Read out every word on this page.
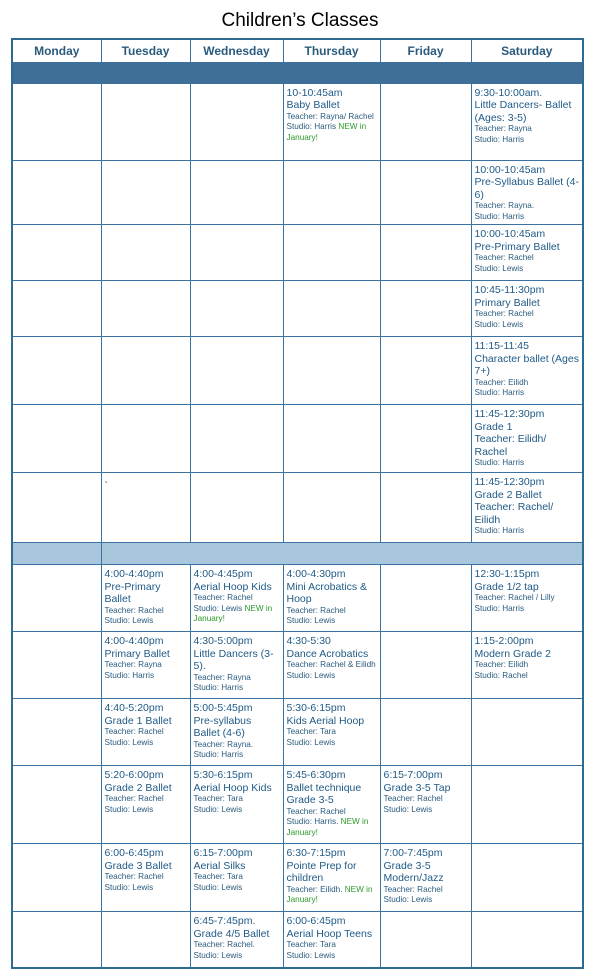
Children’s Classes
Monday	Tuesday	Wednesday	Thursday	Friday	Saturday

			10-10:45am
Baby Ballet
Teacher: Rayna/ Rachel
Studio: Harris NEW in January!		9:30-10:00am.
Little Dancers- Ballet (Ages: 3-5)
Teacher: Rayna
Studio: Harris

					10:00-10:45am
Pre-Syllabus Ballet (4-6)
Teacher: Rayna.
Studio: Harris

					10:00-10:45am
Pre-Primary Ballet
Teacher: Rachel
Studio: Lewis

					10:45-11:30pm
Primary Ballet
Teacher: Rachel
Studio: Lewis

					11:15-11:45
Character ballet (Ages 7+)
Teacher: Eilidh
Studio: Harris

					11:45-12:30pm
Grade 1
Teacher: Eilidh/ Rachel
Studio: Harris

	`				11:45-12:30pm
Grade 2 Ballet
Teacher: Rachel/ Eilidh
Studio: Harris

	4:00-4:40pm
Pre-Primary Ballet
Teacher: Rachel
Studio: Lewis	4:00-4:45pm
Aerial Hoop Kids
Teacher: Rachel
Studio: Lewis NEW in January!	4:00-4:30pm
Mini Acrobatics & Hoop
Teacher: Rachel
Studio: Lewis		12:30-1:15pm
Grade 1/2 tap
Teacher: Rachel / Lilly
Studio: Harris

	4:00-4:40pm
Primary Ballet
Teacher: Rayna
Studio: Harris	4:30-5:00pm
Little Dancers (3-5).
Teacher: Rayna
Studio: Harris	4:30-5:30
Dance Acrobatics
Teacher: Rachel & Eilidh
Studio: Lewis		1:15-2:00pm
Modern Grade 2
Teacher: Eilidh
Studio: Rachel

	4:40-5:20pm
Grade 1 Ballet
Teacher: Rachel
Studio: Lewis	5:00-5:45pm
Pre-syllabus Ballet (4-6)
Teacher: Rayna.
Studio: Harris	5:30-6:15pm
Kids Aerial Hoop
Teacher: Tara
Studio: Lewis		

	5:20-6:00pm
Grade 2 Ballet
Teacher: Rachel
Studio: Lewis	5:30-6:15pm
Aerial Hoop Kids
Teacher: Tara
Studio: Lewis	5:45-6:30pm
Ballet technique Grade 3-5
Teacher: Rachel
Studio: Harris. NEW in January!	6:15-7:00pm
Grade 3-5 Tap
Teacher: Rachel
Studio: Lewis	

	6:00-6:45pm
Grade 3 Ballet
Teacher: Rachel
Studio: Lewis	6:15-7:00pm
Aerial Silks
Teacher: Tara
Studio: Lewis	6:30-7:15pm
Pointe Prep for children
Teacher: Eilidh. NEW in January!	7:00-7:45pm
Grade 3-5 Modern/Jazz
Teacher: Rachel
Studio: Lewis	

		6:45-7:45pm.
Grade 4/5 Ballet
Teacher: Rachel.
Studio: Lewis	6:00-6:45pm
Aerial Hoop Teens
Teacher: Tara
Studio: Lewis		
